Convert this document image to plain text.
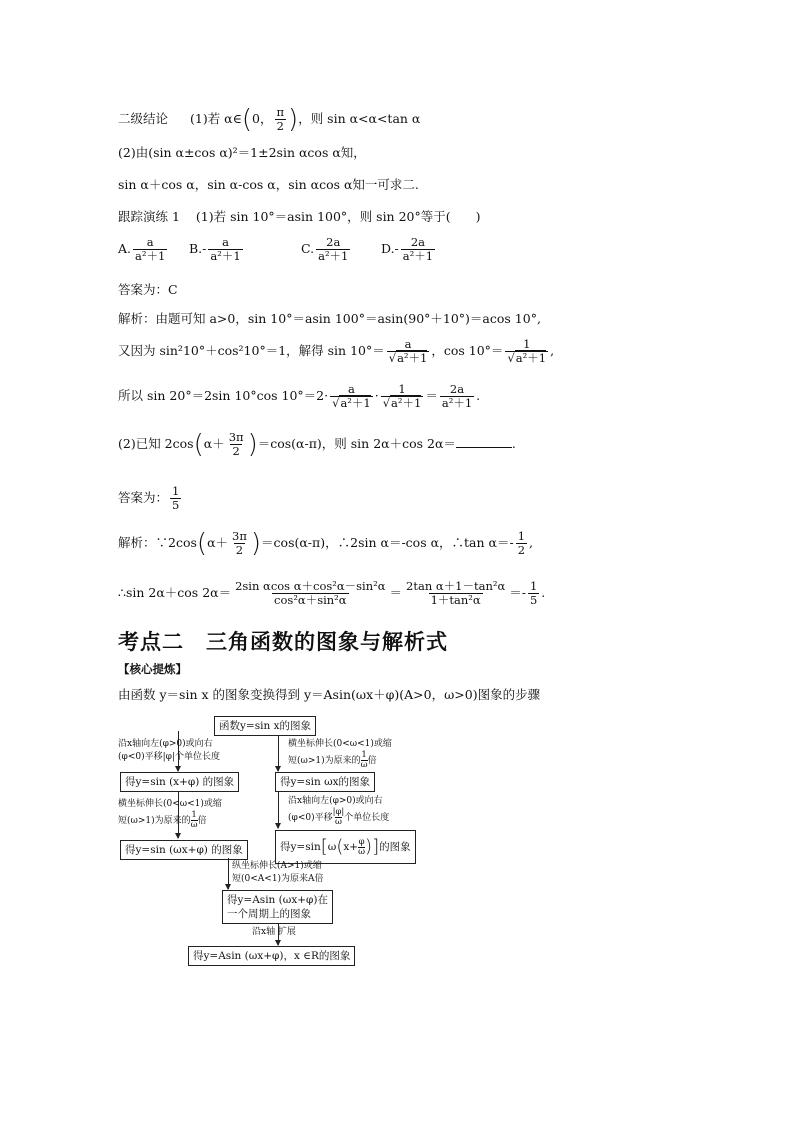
二级结论 (1)若 α∈(0， $\frac{\pi}{2}$ )，则 sin α<α<tan α
(2)由(sin α±cos α)²＝1±2sin αcos α知，
sin α＋cos α，sin α-cos α，sin αcos α知一可求二.
跟踪演练 1 (1)若 sin 10°＝asin 100°，则 sin 20°等于(　　)
A. $\frac{a}{\text{a²＋1}} B.- \frac{a}{\text{a²＋1}}$	C. $\frac{2a}{\text{a²＋1}} D.- \frac{2a}{\text{a²＋1}}$
答案为：C
解析：由题可知 a>0，sin 10°＝asin 100°＝asin(90°＋10°)＝acos 10°,
又因为 sin²10°＋cos²10°＝1，解得 $\sin 10^\circ= \frac{a}{\text{√a²＋1}}$ ，$\cos 10^\circ= \frac{1}{\text{√a²＋1}}$ ,
所以 sin 20°＝2sin 10°cos $10^\circ=2\cdot \frac{a}{\text{√a²＋1}} \cdot \frac{1}{\text{√a²＋1}} = \frac{2a}{\text{a²＋1}}$ .
(2)已知 $2\cos(\alpha+ \frac{3\pi}{2} )=\cos(\alpha-\pi)$，则 sin 2α＋cos 2α＝	.
答案为： $\frac{1}{5}$
解析：∵2cos(α＋ $\frac{3\pi}{2} )=\cos(\alpha-\pi)$，∴2sin α＝-cos α，∴tan $\alpha=- \frac{1}{2}$ ,
∴sin 2α＋cos $2\alpha= \frac{\text{2sin αcos α＋cos²α－sin²α}}{\text{cos²α＋sin²α}} = \frac{\text{2tan α＋1－tan²α}}{\text{1＋tan²α}} =- \frac{1}{5}$ .
考点二　三角函数的图象与解析式
【核心提炼】
由函数 y＝sin x 的图象变换得到 y＝Asin(ωx＋φ)(A>0，ω>0)图象的步骤
函数y=sin x的图象
沿x轴向左(φ>0)或向右
(φ<0)平移|φ|个单位长度
横坐标伸长(0<ω<1)或缩
短(ω>1)为原来的 $\frac{1}{\omega}$ 倍
得y=sin (x+φ) 的图象	得y=sin ωx的图象
横坐标伸长(0<ω<1)或缩
短(ω>1)为原来的 $\frac{1}{\omega}$ 倍
沿x轴向左(φ>0)或向右
(φ<0)平移 $\frac{|\varphi|}{\omega}$ 个单位长度
得y=sin (ωx+φ) 的图象	得$y=\sin[\omega(x+ \frac{\varphi}{\omega}$ )]的图象
纵坐标伸长(A>1)或缩
短(0<A<1)为原来A倍
得y=Asin (ωx+φ)在
一个周期上的图象
沿x轴 扩展
得y=Asin (ωx+φ)，x ∈R的图象
